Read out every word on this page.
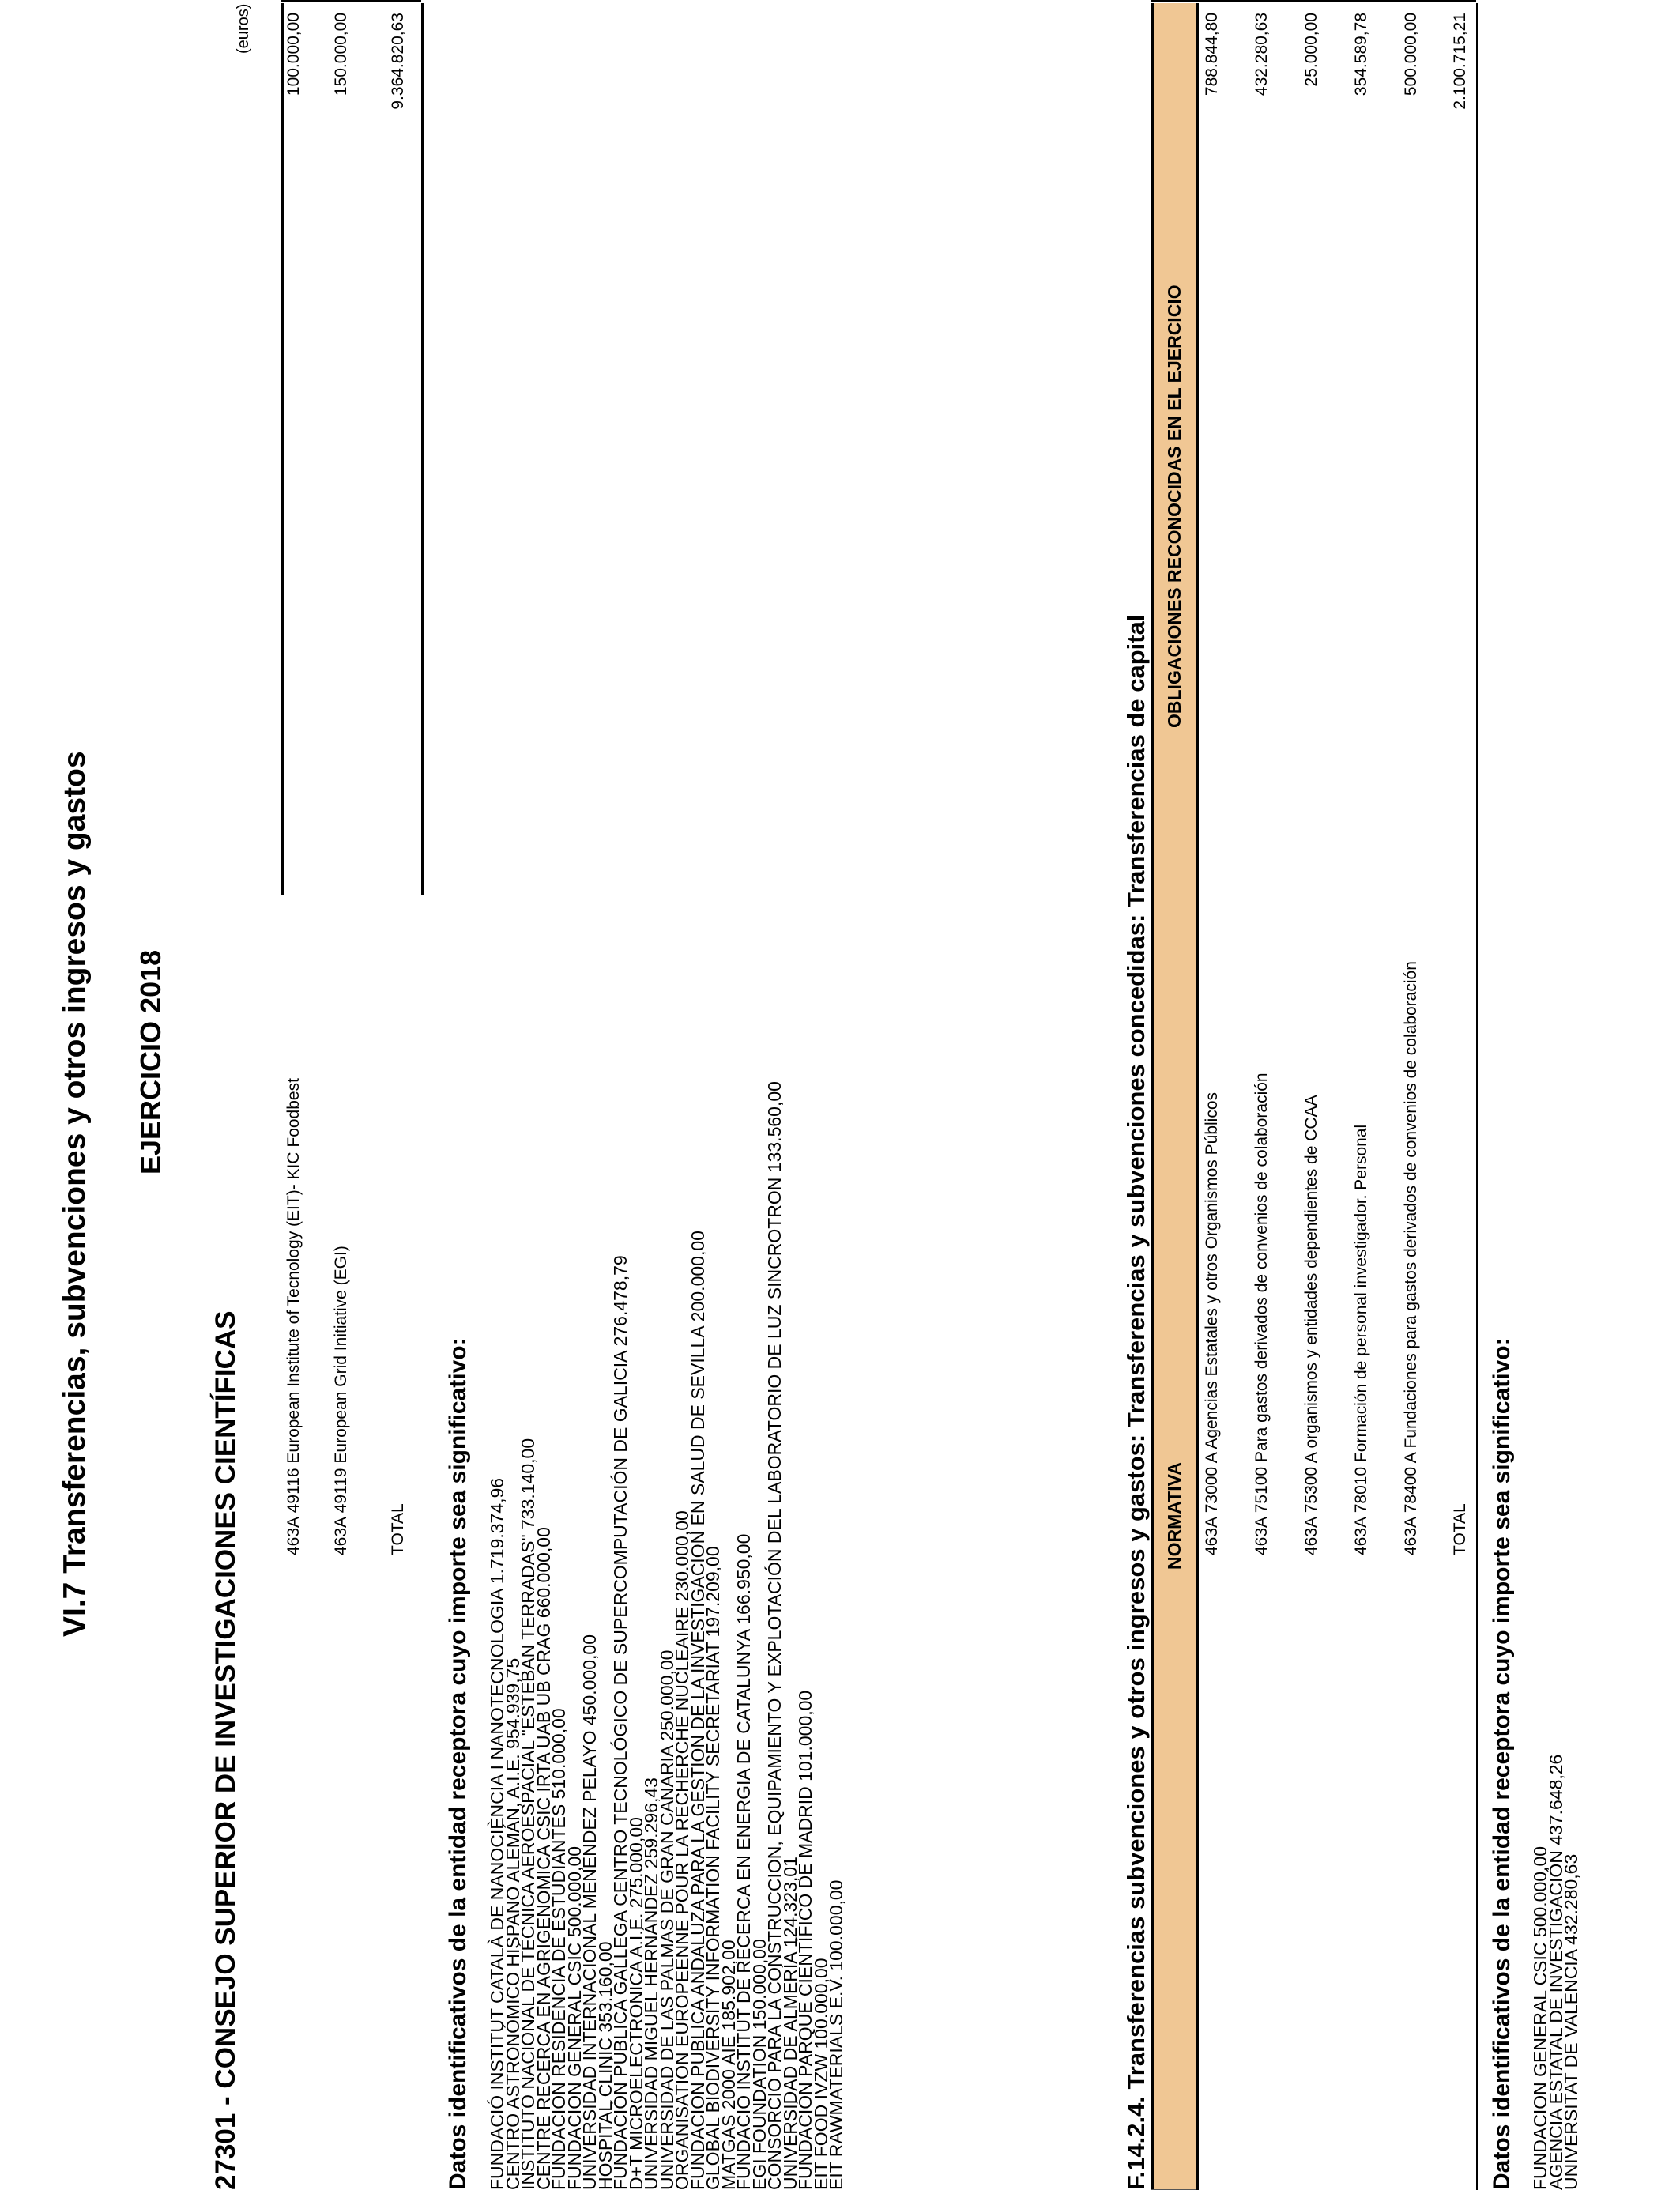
VI.7 Transferencias, subvenciones y otros ingresos y gastos EJERCICIO 2018
(euros)
27301 - CONSEJO SUPERIOR DE INVESTIGACIONES CIENTÍFICAS	463A 49116 European Institute of Tecnology (EIT)- KIC Foodbest
100.000,00
463A 49119 European Grid Initiative (EGI)
150.000,00
TOTAL
9.364.820,63
Datos identificativos de la entidad receptora cuyo importe sea significativo: FUNDACIÓ INSTITUT CATALÀ DE NANOCIÈNCIA I NANOTECNOLOGIA 1.719.374,96
CENTRO ASTRONÓMICO HISPANO ALEMÁN, A.I.E. 954.939,75
INSTITUTO NACIONAL DE TÉCNICA AEROESPACIAL "ESTEBAN TERRADAS" 733.140,00
CENTRE RECERCA EN AGRIGENOMICA CSIC IRTA UAB UB CRAG 660.000,00
FUNDACION RESIDENCIA DE ESTUDIANTES 510.000,00
FUNDACION GENERAL CSIC 500.000,00
UNIVERSIDAD INTERNACIONAL MENENDEZ PELAYO 450.000,00
HOSPITAL CLINIC 353.160,00
FUNDACIÓN PÚBLICA GALLEGA CENTRO TECNOLÓGICO DE SUPERCOMPUTACIÓN DE GALICIA 276.478,79
D+T MICROELECTRONICA A.I.E. 275.000,00
UNIVERSIDAD MIGUEL HERNÁNDEZ 259.296,43
UNIVERSIDAD DE LAS PALMAS DE GRAN CANARIA 250.000,00
ORGANISATION EUROPEENNE POUR LA RECHERCHE NUCLEAIRE 230.000,00
FUNDACION PUBLICA ANDALUZA PARA LA GESTION DE LA INVESTIGACION EN SALUD DE SEVILLA 200.000,00
GLOBAL BIODIVERSITY INFORMATION FACILITY SECRETARIAT 197.209,00
MATGAS 2000 AIE 185.902,00
FUNDACIO INSTITUT DE RECERCA EN ENERGIA DE CATALUNYA 166.950,00
EGI FOUNDATION 150.000,00
CONSORCIO PARA LA CONSTRUCCION, EQUIPAMIENTO Y EXPLOTACIÓN DEL LABORATORIO DE LUZ SINCROTRON 133.560,00
UNIVERSIDAD DE ALMERÍA 124.323,01
FUNDACIÓN PARQUE CIENTÍFICO DE MADRID 101.000,00
EIT FOOD IVZW 100.000,00
EIT RAWMATERIALS E.V. 100.000,00	F.14.2.4. Transferencias subvenciones y otros ingresos y gastos: Transferencias y subvenciones concedidas: Transferencias de capital NORMATIVA
OBLIGACIONES RECONOCIDAS EN EL EJERCICIO
463A 73000 A Agencias Estatales y otros Organismos Públicos
788.844,80
463A 75100 Para gastos derivados de convenios de colaboración
432.280,63
463A 75300 A organismos y entidades dependientes de CCAA
25.000,00
463A 78010 Formación de personal investigador. Personal
354.589,78
463A 78400 A Fundaciones para gastos derivados de convenios de colaboración
500.000,00
TOTAL
2.100.715,21
Datos identificativos de la entidad receptora cuyo importe sea significativo: FUNDACION GENERAL CSIC 500.000,00
AGENCIA ESTATAL DE INVESTIGACIÓN 437.648,26
UNIVERSITAT DE VALENCIA 432.280,63
